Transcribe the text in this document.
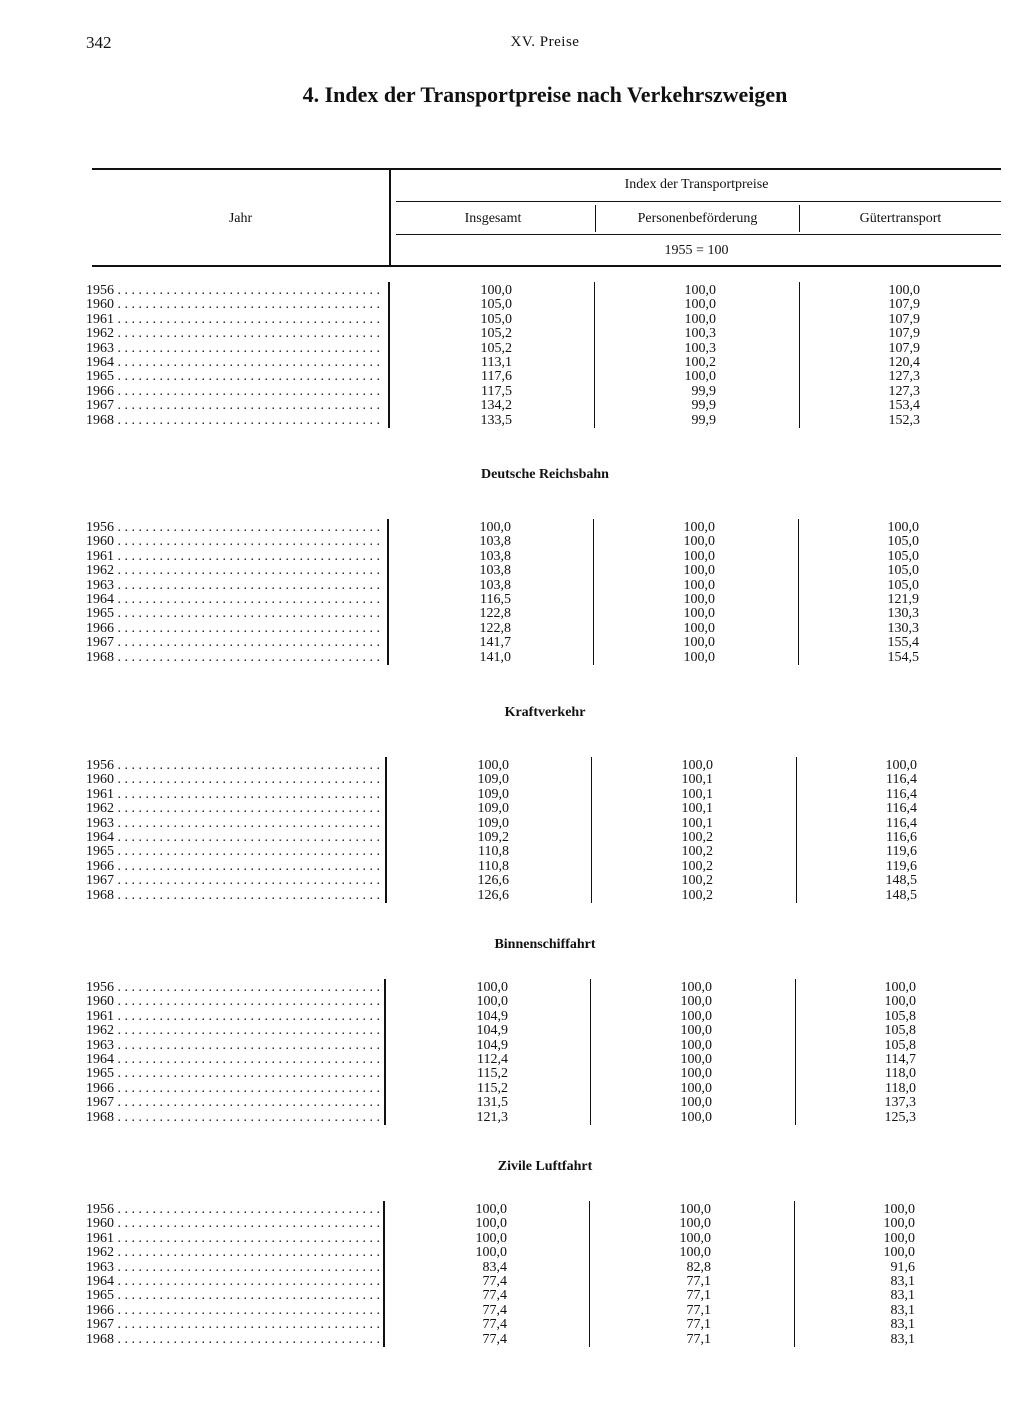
342	XV. Preise
4. Index der Transportpreise nach Verkehrszweigen
Index der Transportpreise
Jahr	Insgesamt	Personenbeförderung	Gütertransport
1955 = 100
1956 . . .	100,0	100,0	100,0
1960 . . .	105,0	100,0	107,9
1961 . . .	105,0	100,0	107,9
1962 . . .	105,2	100,3	107,9
1963 . . .	105,2	100,3	107,9
1964 . . .	113,1	100,2	120,4
1965 . . .	117,6	100,0	127,3
1966 . . .	117,5	99,9	127,3
1967 . . .	134,2	99,9	153,4
1968 . . .	133,5	99,9	152,3
Deutsche Reichsbahn
1956 . . .	100,0	100,0	100,0
1960 . . .	103,8	100,0	105,0
1961 . . .	103,8	100,0	105,0
1962 . . .	103,8	100,0	105,0
1963 . . .	103,8	100,0	105,0
1964 . . .	116,5	100,0	121,9
1965 . . .	122,8	100,0	130,3
1966 . . .	122,8	100,0	130,3
1967 . . .	141,7	100,0	155,4
1968 . . .	141,0	100,0	154,5
Kraftverkehr
1956 . . .	100,0	100,0	100,0
1960 . . .	109,0	100,1	116,4
1961 . . .	109,0	100,1	116,4
1962 . . .	109,0	100,1	116,4
1963 . . .	109,0	100,1	116,4
1964 . . .	109,2	100,2	116,6
1965 . . .	110,8	100,2	119,6
1966 . . .	110,8	100,2	119,6
1967 . . .	126,6	100,2	148,5
1968 . . .	126,6	100,2	148,5
Binnenschiffahrt
1956 . . .	100,0	100,0	100,0
1960 . . .	100,0	100,0	100,0
1961 . . .	104,9	100,0	105,8
1962 . . .	104,9	100,0	105,8
1963 . . .	104,9	100,0	105,8
1964 . . .	112,4	100,0	114,7
1965 . . .	115,2	100,0	118,0
1966 . . .	115,2	100,0	118,0
1967 . . .	131,5	100,0	137,3
1968 . . .	121,3	100,0	125,3
Zivile Luftfahrt
1956 . . .	100,0	100,0	100,0
1960 . . .	100,0	100,0	100,0
1961 . . .	100,0	100,0	100,0
1962 . . .	100,0	100,0	100,0
1963 . . .	83,4	82,8	91,6
1964 . . .	77,4	77,1	83,1
1965 . . .	77,4	77,1	83,1
1966 . . .	77,4	77,1	83,1
1967 . . .	77,4	77,1	83,1
1968 . . .	77,4	77,1	83,1
